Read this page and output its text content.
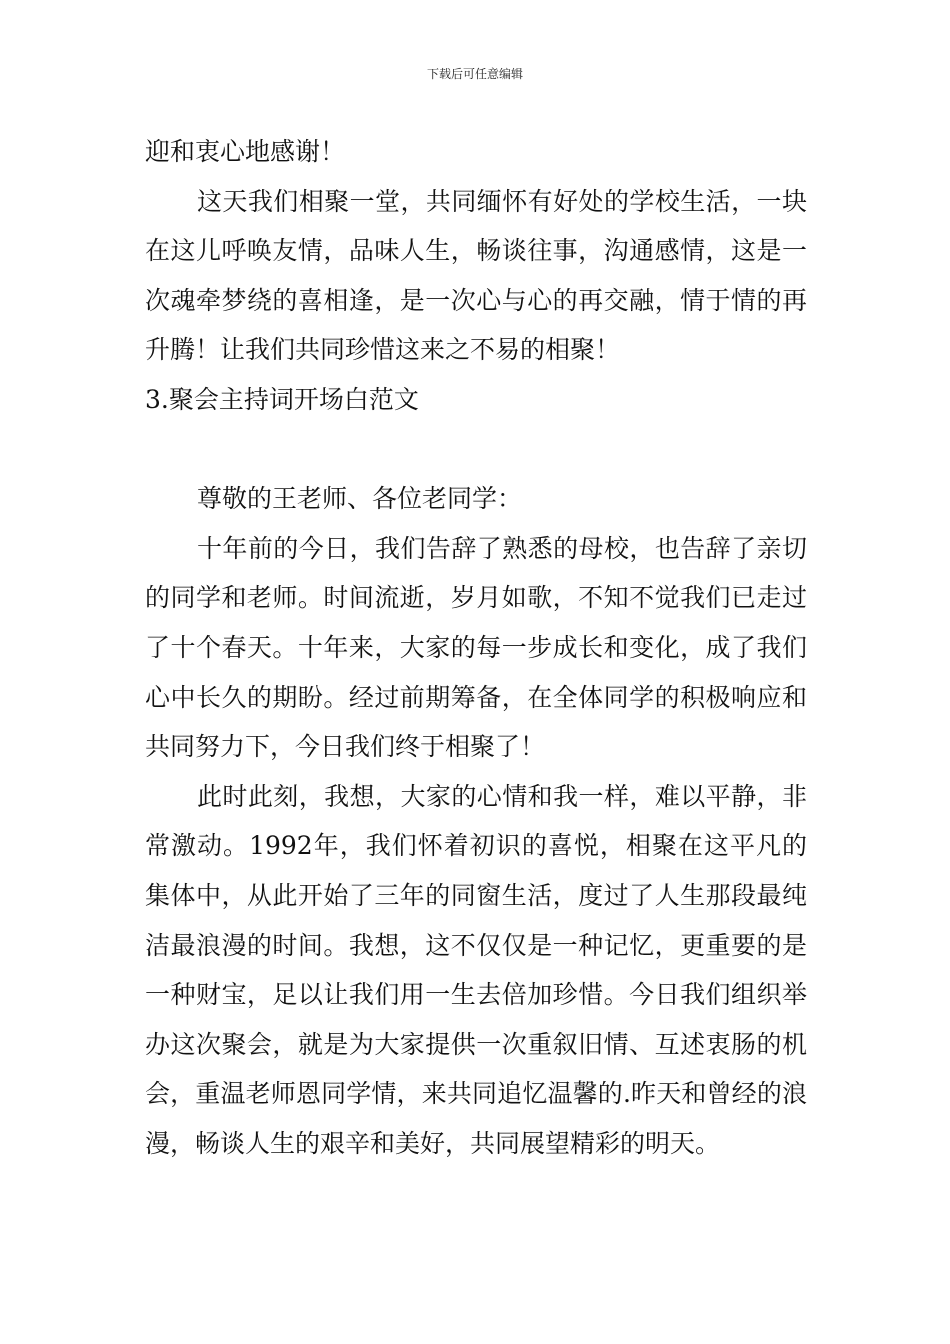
下载后可任意编辑

迎和衷心地感谢！

这天我们相聚一堂，共同缅怀有好处的学校生活，一块在这儿呼唤友情，品味人生，畅谈往事，沟通感情，这是一次魂牵梦绕的喜相逢，是一次心与心的再交融，情于情的再升腾！让我们共同珍惜这来之不易的相聚！

3.聚会主持词开场白范文

尊敬的王老师、各位老同学：

十年前的今日，我们告辞了熟悉的母校，也告辞了亲切的同学和老师。时间流逝，岁月如歌，不知不觉我们已走过了十个春天。十年来，大家的每一步成长和变化，成了我们心中长久的期盼。经过前期筹备，在全体同学的积极响应和共同努力下，今日我们终于相聚了！

此时此刻，我想，大家的心情和我一样，难以平静，非常激动。1992年，我们怀着初识的喜悦，相聚在这平凡的集体中，从此开始了三年的同窗生活，度过了人生那段最纯洁最浪漫的时间。我想，这不仅仅是一种记忆，更重要的是一种财宝，足以让我们用一生去倍加珍惜。今日我们组织举办这次聚会，就是为大家提供一次重叙旧情、互述衷肠的机会，重温老师恩同学情，来共同追忆温馨的.昨天和曾经的浪漫，畅谈人生的艰辛和美好，共同展望精彩的明天。
